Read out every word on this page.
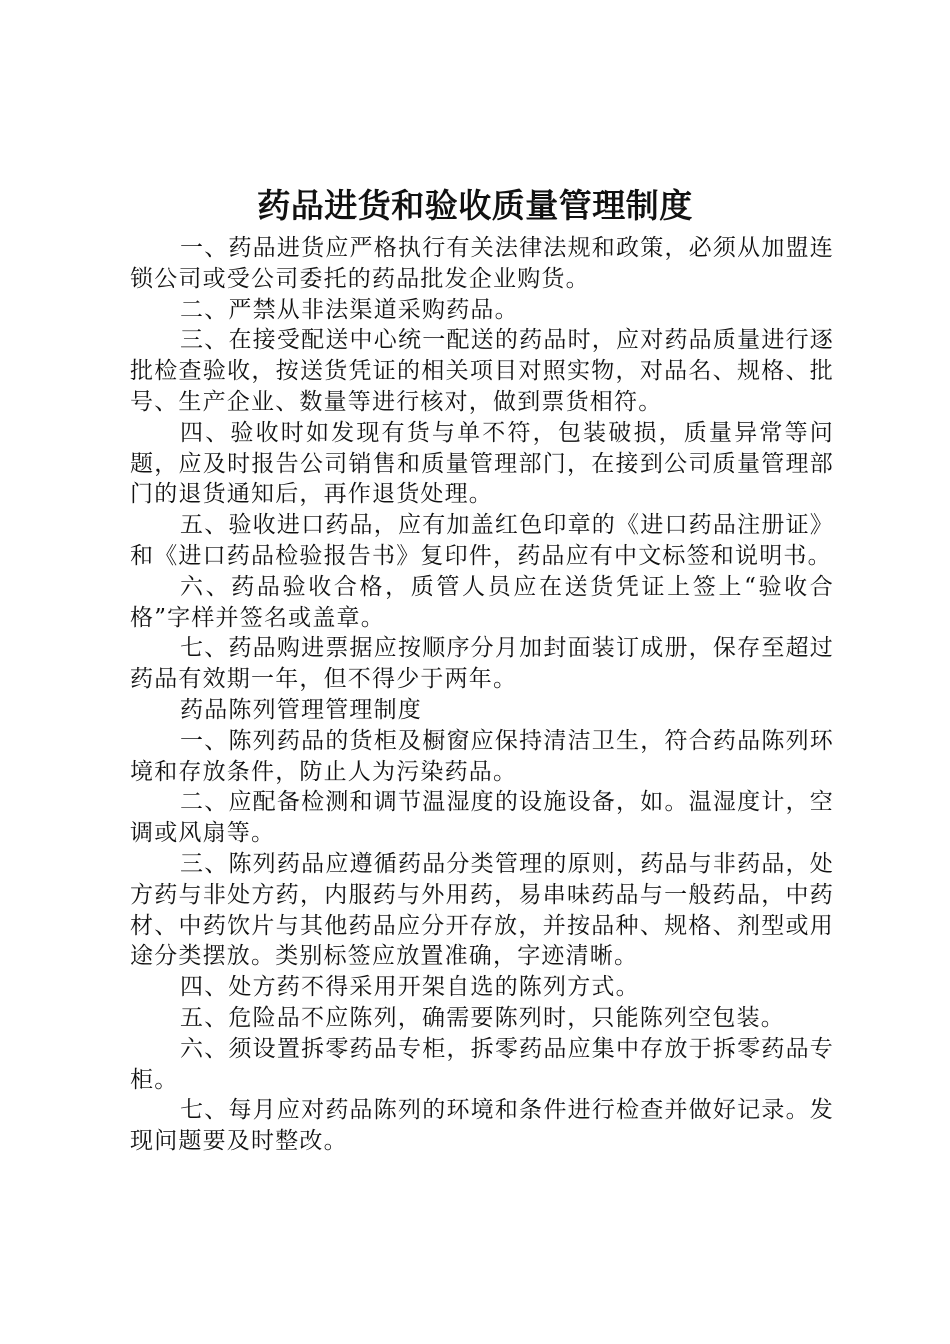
药品进货和验收质量管理制度

一、药品进货应严格执行有关法律法规和政策，必须从加盟连锁公司或受公司委托的药品批发企业购货。

二、严禁从非法渠道采购药品。

三、在接受配送中心统一配送的药品时，应对药品质量进行逐批检查验收，按送货凭证的相关项目对照实物，对品名、规格、批号、生产企业、数量等进行核对，做到票货相符。

四、验收时如发现有货与单不符，包装破损，质量异常等问题，应及时报告公司销售和质量管理部门，在接到公司质量管理部门的退货通知后，再作退货处理。

五、验收进口药品，应有加盖红色印章的《进口药品注册证》和《进口药品检验报告书》复印件，药品应有中文标签和说明书。

六、药品验收合格，质管人员应在送货凭证上签上“验收合格”字样并签名或盖章。

七、药品购进票据应按顺序分月加封面装订成册，保存至超过药品有效期一年，但不得少于两年。

药品陈列管理管理制度

一、陈列药品的货柜及橱窗应保持清洁卫生，符合药品陈列环境和存放条件，防止人为污染药品。

二、应配备检测和调节温湿度的设施设备，如。温湿度计，空调或风扇等。

三、陈列药品应遵循药品分类管理的原则，药品与非药品，处方药与非处方药，内服药与外用药，易串味药品与一般药品，中药材、中药饮片与其他药品应分开存放，并按品种、规格、剂型或用途分类摆放。类别标签应放置准确，字迹清晰。

四、处方药不得采用开架自选的陈列方式。

五、危险品不应陈列，确需要陈列时，只能陈列空包装。

六、须设置拆零药品专柜，拆零药品应集中存放于拆零药品专柜。

七、每月应对药品陈列的环境和条件进行检查并做好记录。发现问题要及时整改。
